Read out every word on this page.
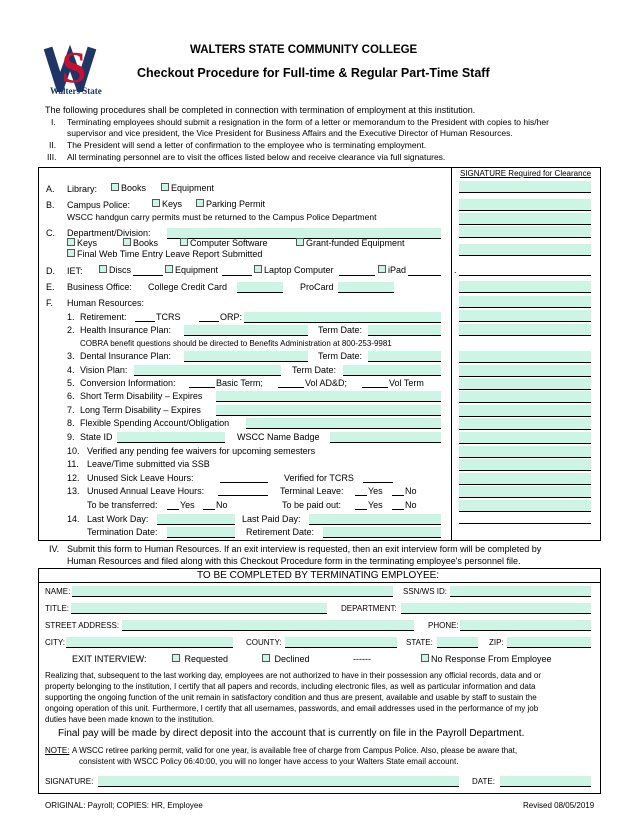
S
Walters State
WALTERS STATE COMMUNITY COLLEGE
Checkout Procedure for Full-time & Regular Part-Time Staff
The following procedures shall be completed in connection with termination of employment at this institution.
I. Terminating employees should submit a resignation in the form of a letter or memorandum to the President with copies to his/her
supervisor and vice president, the Vice President for Business Affairs and the Executive Director of Human Resources.
II. The President will send a letter of confirmation to the employee who is terminating employment.
III. All terminating personnel are to visit the offices listed below and receive clearance via full signatures.
SIGNATURE Required for Clearance
A. Library:	Books	Equipment
B. Campus Police:	Keys	Parking Permit
WSCC handgun carry permits must be returned to the Campus Police Department
C. Department/Division:
Keys	Books	Computer Software	Grant-funded Equipment
Final Web Time Entry Leave Report Submitted
D. IET:	Discs	Equipment	Laptop Computer	iPad	.
E. Business Office: College Credit Card	ProCard
F. Human Resources:
1. Retirement:	TCRS	ORP:
2. Health Insurance Plan:	Term Date:
COBRA benefit questions should be directed to Benefits Administration at 800-253-9981
3. Dental Insurance Plan:	Term Date:
4. Vision Plan:	Term Date:
5. Conversion Information:	Basic Term;	Vol AD&D;	Vol Term
6. Short Term Disability – Expires
7. Long Term Disability – Expires
8. Flexible Spending Account/Obligation
9. State ID	WSCC Name Badge
10. Verified any pending fee waivers for upcoming semesters
11. Leave/Time submitted via SSB
12. Unused Sick Leave Hours:	Verified for TCRS
13. Unused Annual Leave Hours:	Terminal Leave:	Yes No
To be transferred: Yes No	To be paid out:	Yes No
14. Last Work Day:	Last Paid Day:
Termination Date:	Retirement Date:
IV. Submit this form to Human Resources. If an exit interview is requested, then an exit interview form will be completed by
Human Resources and filed along with this Checkout Procedure form in the terminating employee's personnel file.
TO BE COMPLETED BY TERMINATING EMPLOYEE:
NAME:	SSN/WS ID:
TITLE:	DEPARTMENT:
STREET ADDRESS:	PHONE:
CITY:	COUNTY:	STATE:	ZIP:
EXIT INTERVIEW:	Requested	Declined	------	No Response From Employee
Realizing that, subsequent to the last working day, employees are not authorized to have in their possession any official records, data and or
property belonging to the institution, I certify that all papers and records, including electronic files, as well as particular information and data
supporting the ongoing function of the unit remain in satisfactory condition and thus are present, available and usable by staff to sustain the
ongoing operation of this unit. Furthermore, I certify that all usernames, passwords, and email addresses used in the performance of my job
duties have been made known to the institution.
Final pay will be made by direct deposit into the account that is currently on file in the Payroll Department.
NOTE: A WSCC retiree parking permit, valid for one year, is available free of charge from Campus Police. Also, please be aware that,
consistent with WSCC Policy 06:40:00, you will no longer have access to your Walters State email account.
SIGNATURE:	DATE:
ORIGINAL: Payroll; COPIES: HR, Employee	Revised 08/05/2019
